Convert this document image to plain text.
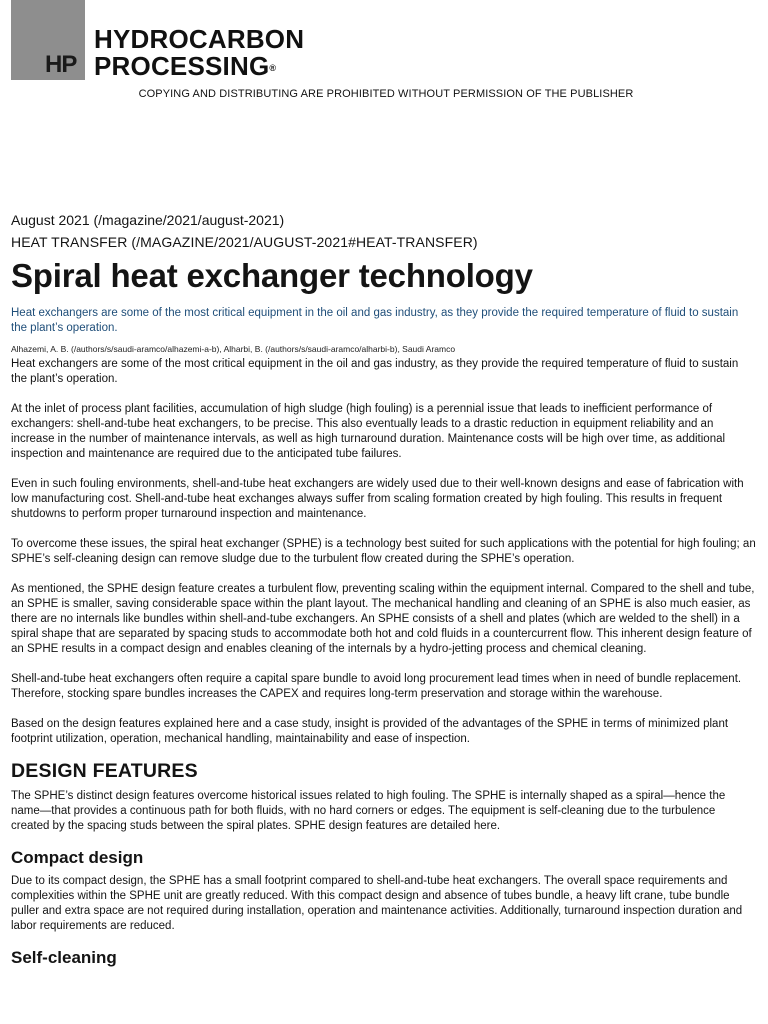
HP
HYDROCARBON
PROCESSING®
COPYING AND DISTRIBUTING ARE PROHIBITED WITHOUT PERMISSION OF THE PUBLISHER
August 2021 (/magazine/2021/august-2021)
HEAT TRANSFER (/MAGAZINE/2021/AUGUST-2021#HEAT-TRANSFER)
Spiral heat exchanger technology

Heat exchangers are some of the most critical equipment in the oil and gas industry, as they provide the required temperature of fluid to sustain the plant’s operation.

Alhazemi, A. B. (/authors/s/saudi-aramco/alhazemi-a-b), Alharbi, B. (/authors/s/saudi-aramco/alharbi-b), Saudi Aramco

Heat exchangers are some of the most critical equipment in the oil and gas industry, as they provide the required temperature of fluid to sustain the plant’s operation.

At the inlet of process plant facilities, accumulation of high sludge (high fouling) is a perennial issue that leads to inefficient performance of exchangers: shell-and-tube heat exchangers, to be precise. This also eventually leads to a drastic reduction in equipment reliability and an increase in the number of maintenance intervals, as well as high turnaround duration. Maintenance costs will be high over time, as additional inspection and maintenance are required due to the anticipated tube failures.

Even in such fouling environments, shell-and-tube heat exchangers are widely used due to their well-known designs and ease of fabrication with low manufacturing cost. Shell-and-tube heat exchanges always suffer from scaling formation created by high fouling. This results in frequent shutdowns to perform proper turnaround inspection and maintenance.

To overcome these issues, the spiral heat exchanger (SPHE) is a technology best suited for such applications with the potential for high fouling; an SPHE’s self-cleaning design can remove sludge due to the turbulent flow created during the SPHE’s operation.

As mentioned, the SPHE design feature creates a turbulent flow, preventing scaling within the equipment internal. Compared to the shell and tube, an SPHE is smaller, saving considerable space within the plant layout. The mechanical handling and cleaning of an SPHE is also much easier, as there are no internals like bundles within shell-and-tube exchangers. An SPHE consists of a shell and plates (which are welded to the shell) in a spiral shape that are separated by spacing studs to accommodate both hot and cold fluids in a countercurrent flow. This inherent design feature of an SPHE results in a compact design and enables cleaning of the internals by a hydro-jetting process and chemical cleaning.

Shell-and-tube heat exchangers often require a capital spare bundle to avoid long procurement lead times when in need of bundle replacement. Therefore, stocking spare bundles increases the CAPEX and requires long-term preservation and storage within the warehouse.

Based on the design features explained here and a case study, insight is provided of the advantages of the SPHE in terms of minimized plant footprint utilization, operation, mechanical handling, maintainability and ease of inspection.

DESIGN FEATURES

The SPHE’s distinct design features overcome historical issues related to high fouling. The SPHE is internally shaped as a spiral—hence the name—that provides a continuous path for both fluids, with no hard corners or edges. The equipment is self-cleaning due to the turbulence created by the spacing studs between the spiral plates. SPHE design features are detailed here.

Compact design

Due to its compact design, the SPHE has a small footprint compared to shell-and-tube heat exchangers. The overall space requirements and complexities within the SPHE unit are greatly reduced. With this compact design and absence of tubes bundle, a heavy lift crane, tube bundle puller and extra space are not required during installation, operation and maintenance activities. Additionally, turnaround inspection duration and labor requirements are reduced.

Self-cleaning
